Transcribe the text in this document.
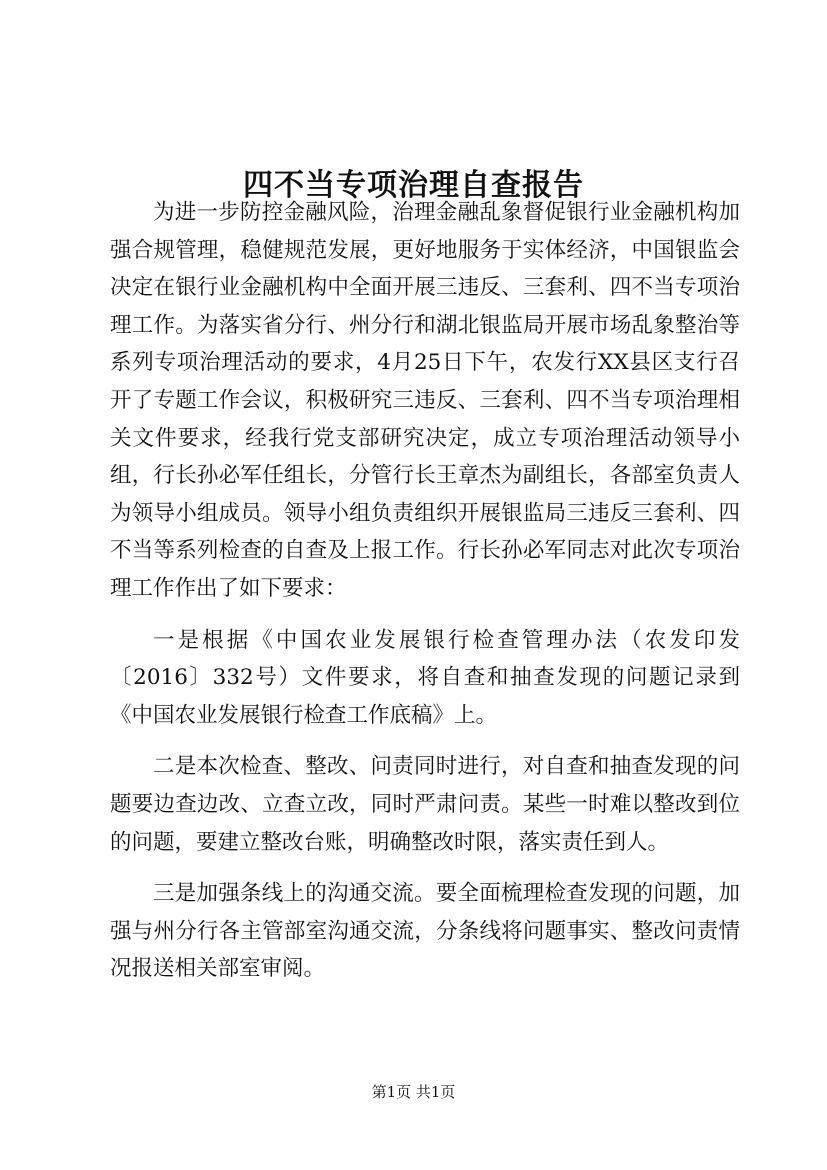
四不当专项治理自查报告

为进一步防控金融风险，治理金融乱象督促银行业金融机构加强合规管理，稳健规范发展，更好地服务于实体经济，中国银监会决定在银行业金融机构中全面开展三违反、三套利、四不当专项治理工作。为落实省分行、州分行和湖北银监局开展市场乱象整治等系列专项治理活动的要求，4月25日下午，农发行XX县区支行召开了专题工作会议，积极研究三违反、三套利、四不当专项治理相关文件要求，经我行党支部研究决定，成立专项治理活动领导小组，行长孙必军任组长，分管行长王章杰为副组长，各部室负责人为领导小组成员。领导小组负责组织开展银监局三违反三套利、四不当等系列检查的自查及上报工作。行长孙必军同志对此次专项治理工作作出了如下要求：

一是根据《中国农业发展银行检查管理办法（农发印发〔2016〕332号）文件要求，将自查和抽查发现的问题记录到《中国农业发展银行检查工作底稿》上。

二是本次检查、整改、问责同时进行，对自查和抽查发现的问题要边查边改、立查立改，同时严肃问责。某些一时难以整改到位的问题，要建立整改台账，明确整改时限，落实责任到人。

三是加强条线上的沟通交流。要全面梳理检查发现的问题，加强与州分行各主管部室沟通交流，分条线将问题事实、整改问责情况报送相关部室审阅。

第1页 共1页
